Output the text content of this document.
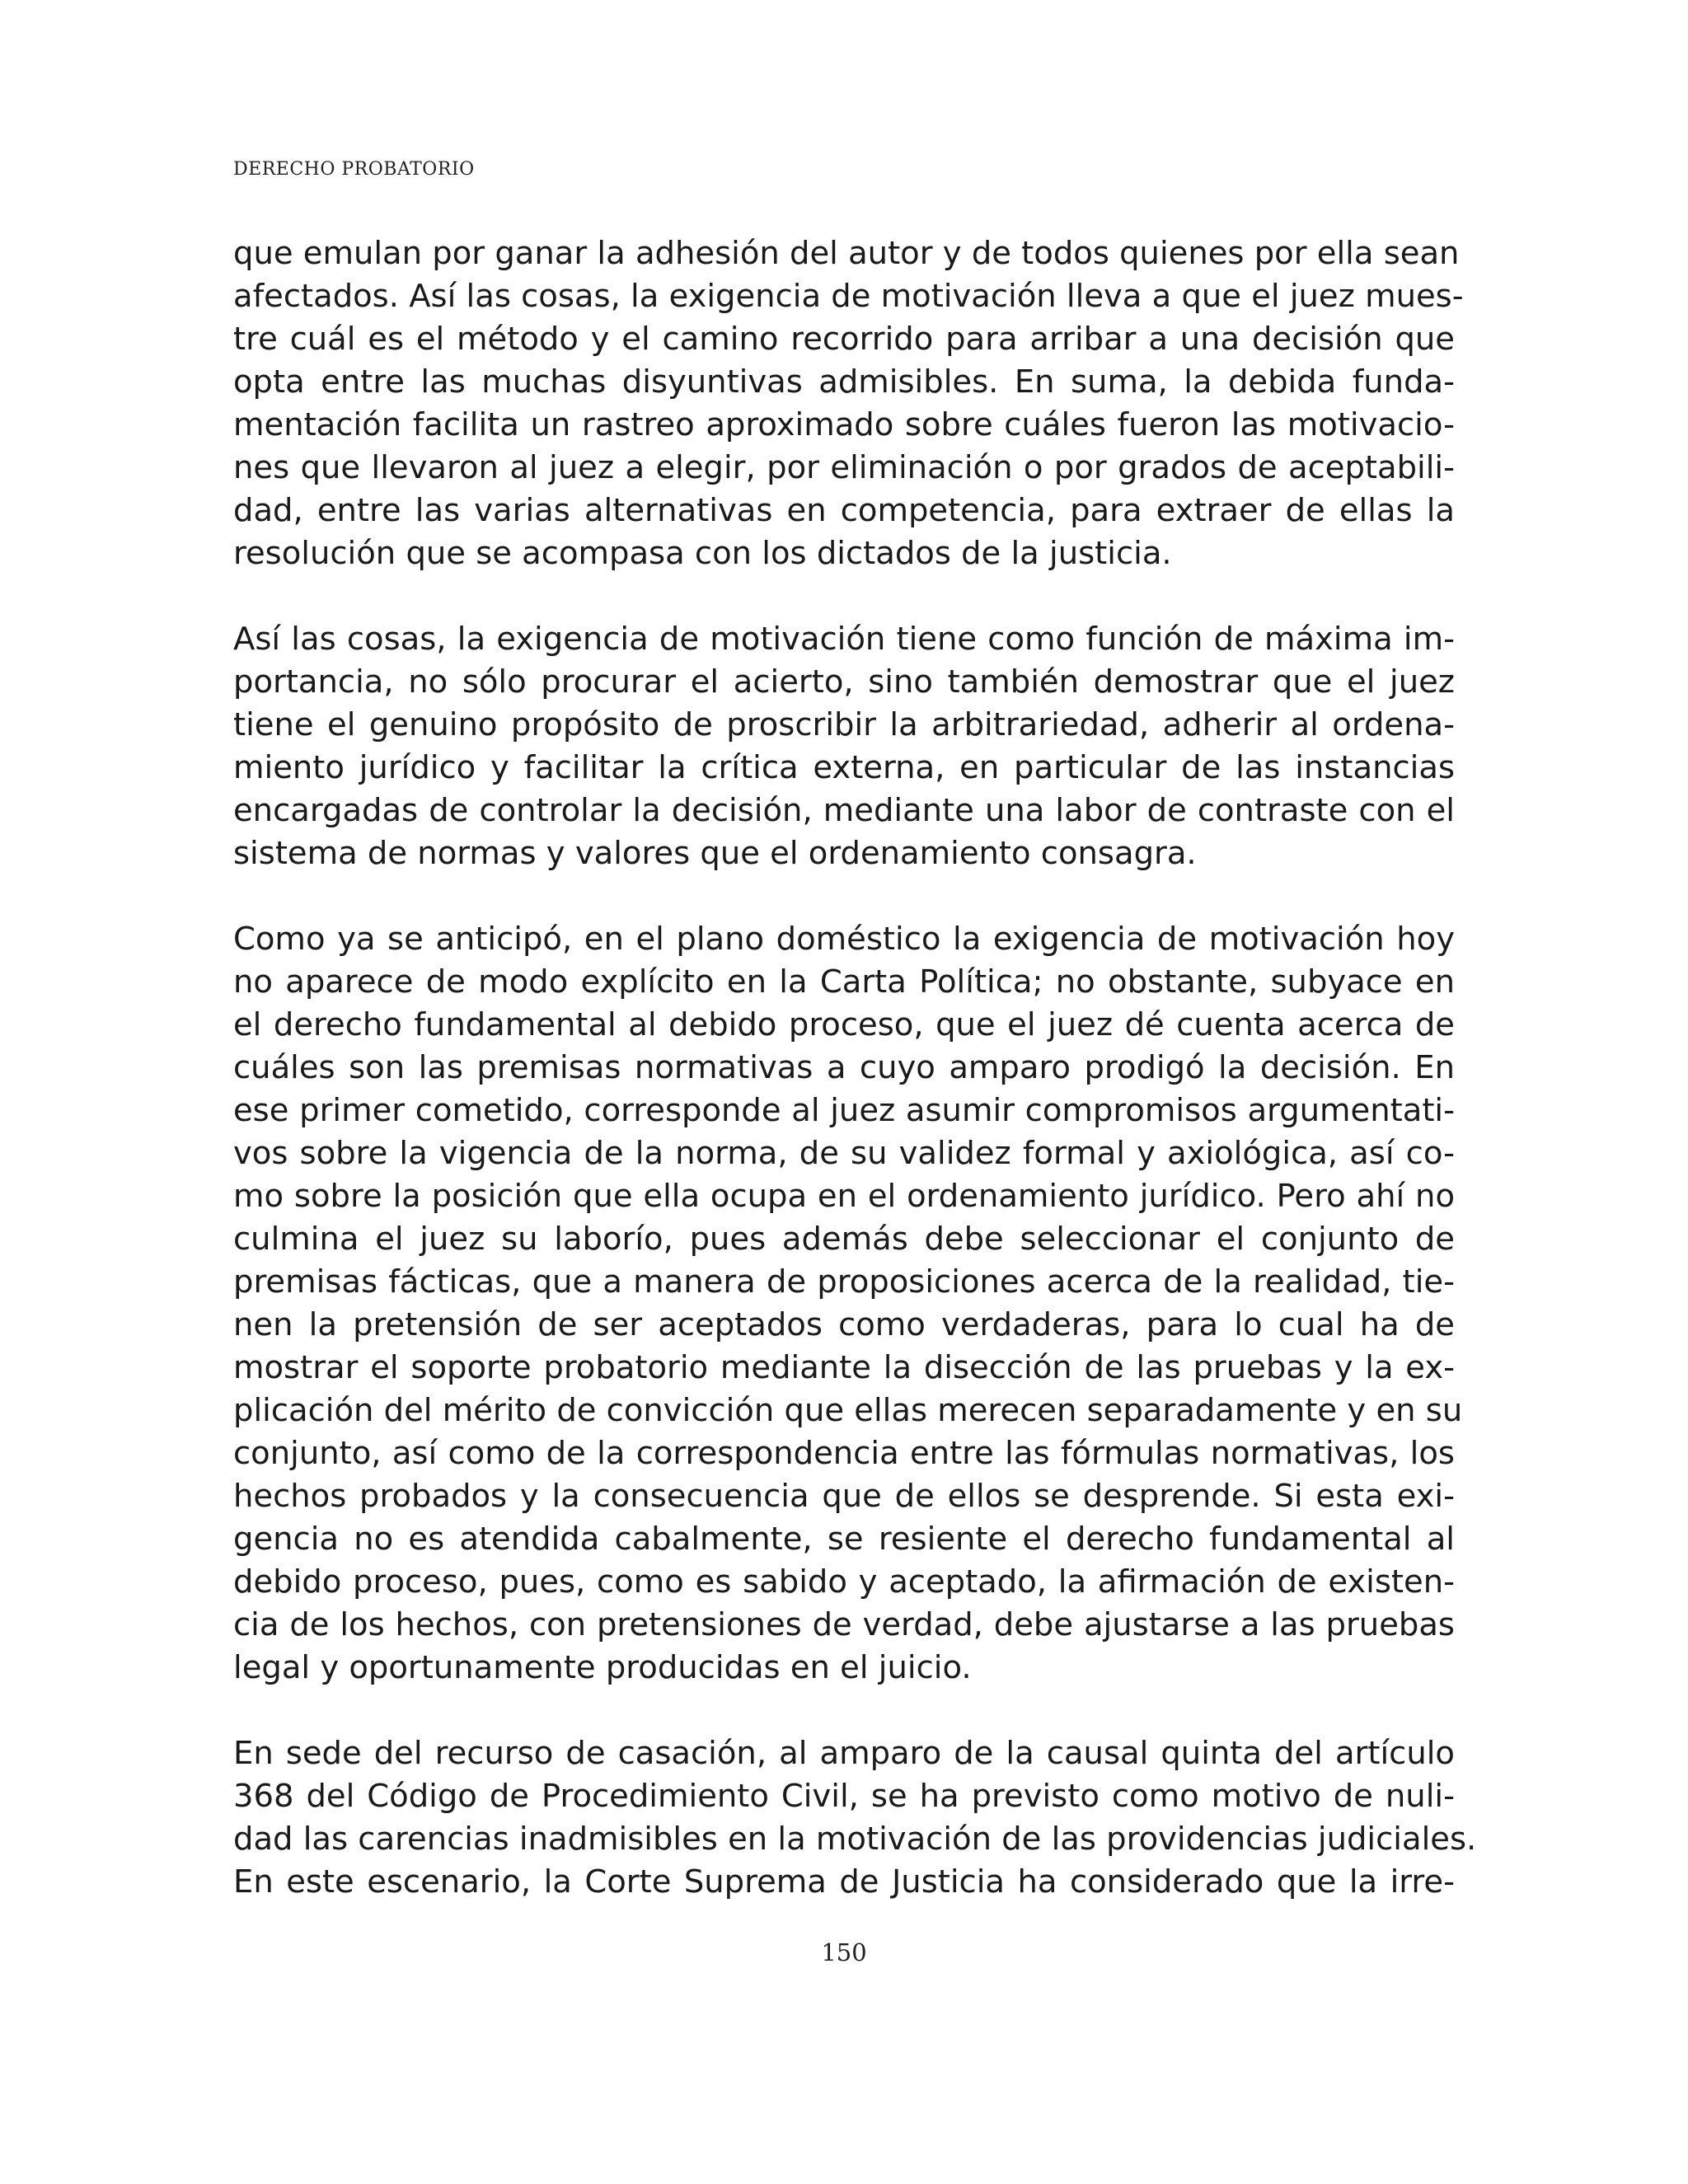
DERECHO PROBATORIO

que emulan por ganar la adhesión del autor y de todos quienes por ella sean
afectados. Así las cosas, la exigencia de motivación lleva a que el juez mues-
tre cuál es el método y el camino recorrido para arribar a una decisión que
opta entre las muchas disyuntivas admisibles. En suma, la debida funda-
mentación facilita un rastreo aproximado sobre cuáles fueron las motivacio-
nes que llevaron al juez a elegir, por eliminación o por grados de aceptabili-
dad, entre las varias alternativas en competencia, para extraer de ellas la
resolución que se acompasa con los dictados de la justicia.

Así las cosas, la exigencia de motivación tiene como función de máxima im-
portancia, no sólo procurar el acierto, sino también demostrar que el juez
tiene el genuino propósito de proscribir la arbitrariedad, adherir al ordena-
miento jurídico y facilitar la crítica externa, en particular de las instancias
encargadas de controlar la decisión, mediante una labor de contraste con el
sistema de normas y valores que el ordenamiento consagra.

Como ya se anticipó, en el plano doméstico la exigencia de motivación hoy
no aparece de modo explícito en la Carta Política; no obstante, subyace en
el derecho fundamental al debido proceso, que el juez dé cuenta acerca de
cuáles son las premisas normativas a cuyo amparo prodigó la decisión. En
ese primer cometido, corresponde al juez asumir compromisos argumentati-
vos sobre la vigencia de la norma, de su validez formal y axiológica, así co-
mo sobre la posición que ella ocupa en el ordenamiento jurídico. Pero ahí no
culmina el juez su laborío, pues además debe seleccionar el conjunto de
premisas fácticas, que a manera de proposiciones acerca de la realidad, tie-
nen la pretensión de ser aceptados como verdaderas, para lo cual ha de
mostrar el soporte probatorio mediante la disección de las pruebas y la ex-
plicación del mérito de convicción que ellas merecen separadamente y en su
conjunto, así como de la correspondencia entre las fórmulas normativas, los
hechos probados y la consecuencia que de ellos se desprende. Si esta exi-
gencia no es atendida cabalmente, se resiente el derecho fundamental al
debido proceso, pues, como es sabido y aceptado, la afirmación de existen-
cia de los hechos, con pretensiones de verdad, debe ajustarse a las pruebas
legal y oportunamente producidas en el juicio.

En sede del recurso de casación, al amparo de la causal quinta del artículo
368 del Código de Procedimiento Civil, se ha previsto como motivo de nuli-
dad las carencias inadmisibles en la motivación de las providencias judiciales.
En este escenario, la Corte Suprema de Justicia ha considerado que la irre-

150
